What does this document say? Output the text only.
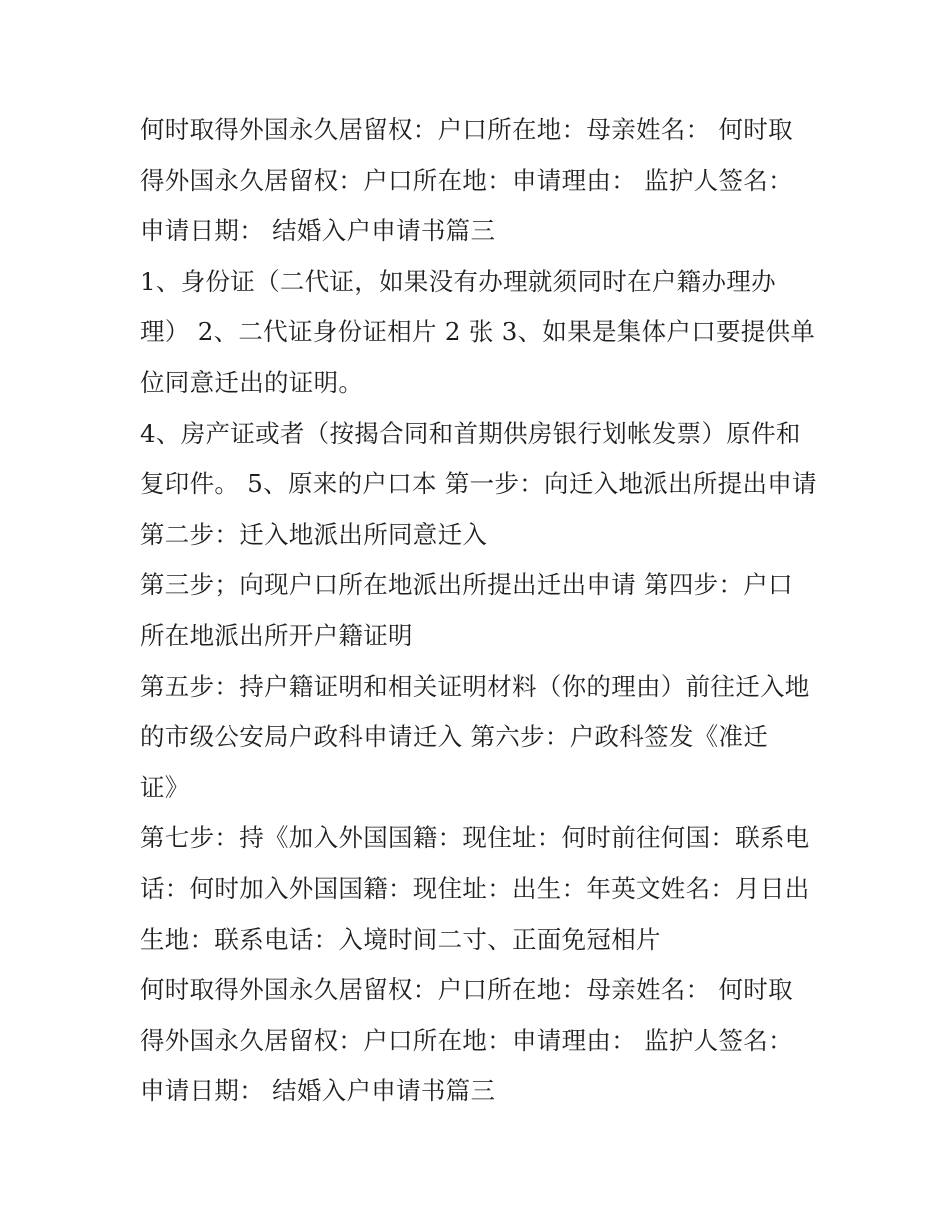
何时取得外国永久居留权：户口所在地：母亲姓名： 何时取
得外国永久居留权：户口所在地：申请理由： 监护人签名：
申请日期： 结婚入户申请书篇三
1、身份证（二代证，如果没有办理就须同时在户籍办理办
理） 2、二代证身份证相片 2 张 3、如果是集体户口要提供单
位同意迁出的证明。
4、房产证或者（按揭合同和首期供房银行划帐发票）原件和
复印件。 5、原来的户口本 第一步：向迁入地派出所提出申请
第二步：迁入地派出所同意迁入
第三步；向现户口所在地派出所提出迁出申请 第四步：户口
所在地派出所开户籍证明
第五步：持户籍证明和相关证明材料（你的理由）前往迁入地
的市级公安局户政科申请迁入 第六步：户政科签发《准迁
证》
第七步：持《加入外国国籍：现住址：何时前往何国：联系电
话：何时加入外国国籍：现住址：出生：年英文姓名：月日出
生地：联系电话：入境时间二寸、正面免冠相片
何时取得外国永久居留权：户口所在地：母亲姓名： 何时取
得外国永久居留权：户口所在地：申请理由： 监护人签名：
申请日期： 结婚入户申请书篇三
